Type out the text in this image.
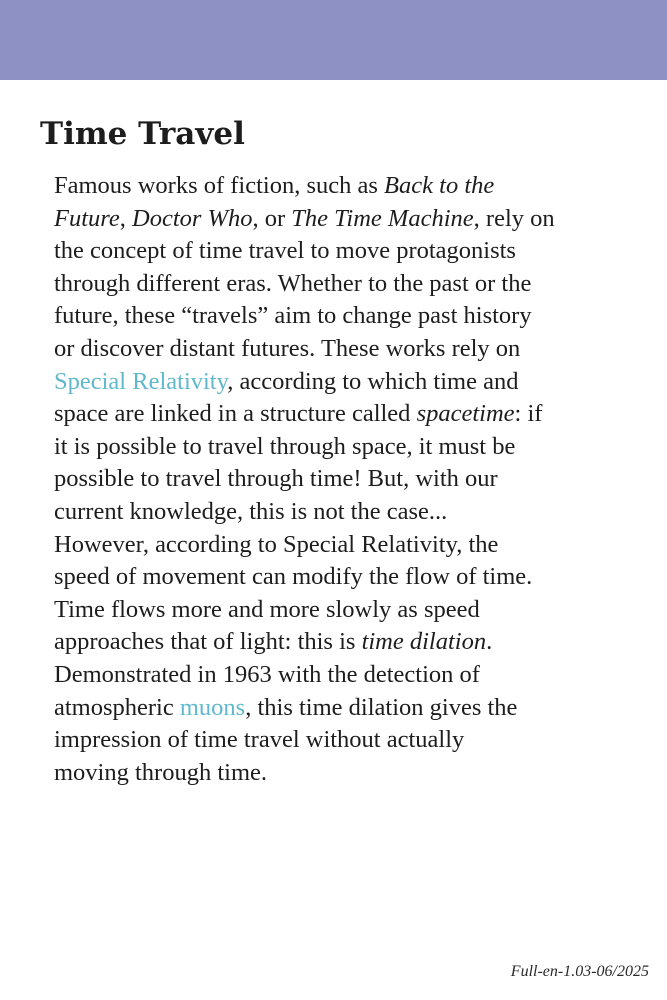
Time Travel
Famous works of fiction, such as Back to the
Future, Doctor Who, or The Time Machine, rely on
the concept of time travel to move protagonists
through different eras. Whether to the past or the
future, these “travels” aim to change past history
or discover distant futures. These works rely on
Special Relativity, according to which time and
space are linked in a structure called spacetime: if
it is possible to travel through space, it must be
possible to travel through time! But, with our
current knowledge, this is not the case...
However, according to Special Relativity, the
speed of movement can modify the flow of time.
Time flows more and more slowly as speed
approaches that of light: this is time dilation.
Demonstrated in 1963 with the detection of
atmospheric muons, this time dilation gives the
impression of time travel without actually
moving through time.
Full-en-1.03-06/2025
